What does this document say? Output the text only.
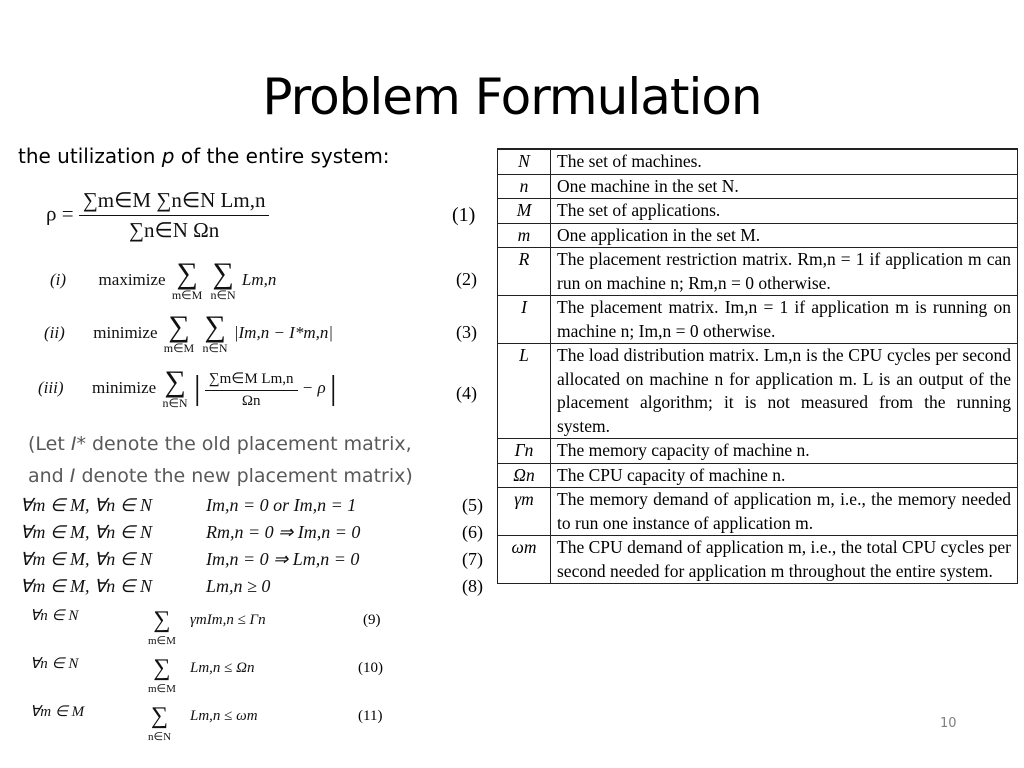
Problem Formulation
the utilization p of the entire system:
$\rho = \frac{\text{∑m∈M ∑n∈N Lm,n}}{\text{∑n∈N Ωn}}$	(1)
(i) maximize ∑
m∈M

∑
n∈N
Lm,n	(2)
(ii) minimize ∑
m∈M

∑
n∈N
|Im,n − I*m,n|	(3)
(iii) minimize ∑
n∈N | $\frac{\text{∑m∈M Lm,n}}{\Omega n} - \rho$ |	(4)
(Let I* denote the old placement matrix,
and I denote the new placement matrix)
∀m ∈ M, ∀n ∈ N	Im,n = 0 or Im,n = 1	(5)
∀m ∈ M, ∀n ∈ N	Rm,n = 0 ⇒ Im,n = 0	(6)
∀m ∈ M, ∀n ∈ N	Im,n = 0 ⇒ Lm,n = 0	(7)
∀m ∈ M, ∀n ∈ N	Lm,n ≥ 0	(8)
∀n ∈ N	∑
m∈M
γmIm,n ≤ Γn	(9)
∀n ∈ N	∑
m∈M
Lm,n ≤ Ωn	(10)
∀m ∈ M	∑
n∈N
Lm,n ≤ ωm	(11)
N	The set of machines.
n	One machine in the set N.
M	The set of applications.
m	One application in the set M.
R	The placement restriction matrix. Rm,n = 1 if application m can run on machine n; Rm,n = 0 otherwise.
I	The placement matrix. Im,n = 1 if application m is running on machine n; Im,n = 0 otherwise.
L	The load distribution matrix. Lm,n is the CPU cycles per second allocated on machine n for application m. L is an output of the placement algorithm; it is not measured from the running system.
Γn	The memory capacity of machine n.
Ωn	The CPU capacity of machine n.
γm	The memory demand of application m, i.e., the memory needed to run one instance of application m.
ωm	The CPU demand of application m, i.e., the total CPU cycles per second needed for application m throughout the entire system.
10
